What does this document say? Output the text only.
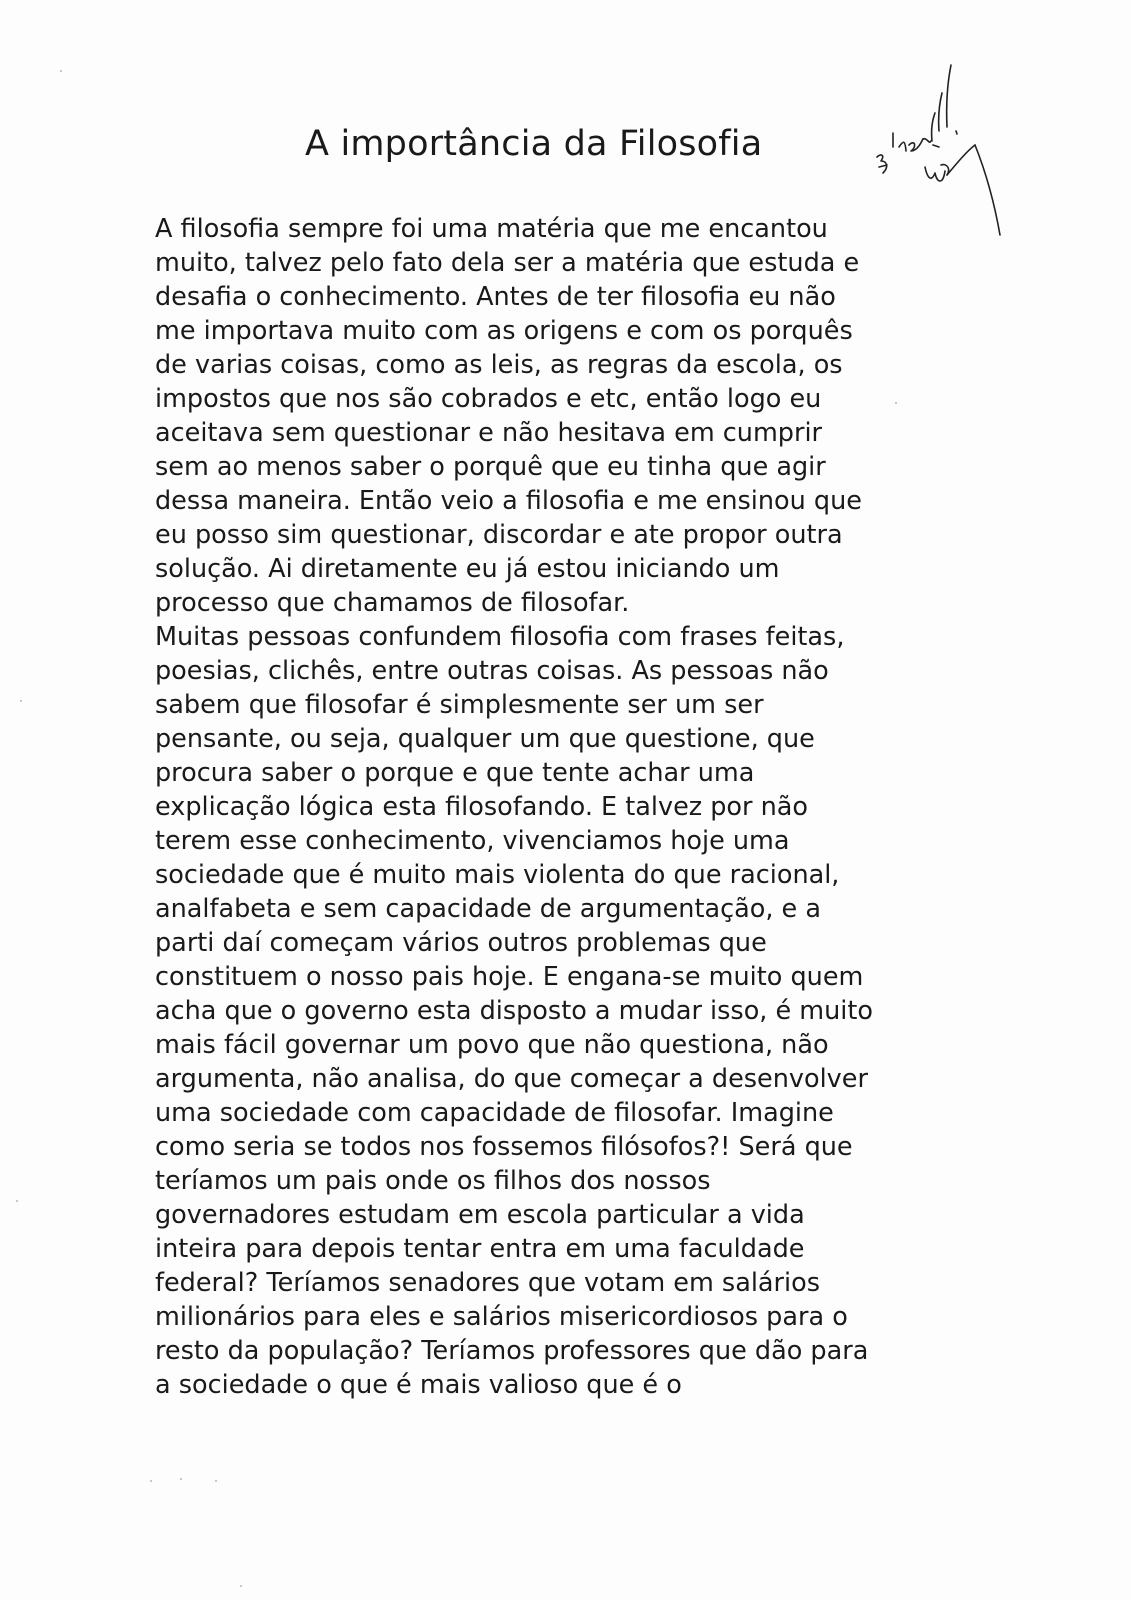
A importância da Filosofia
A filosofia sempre foi uma matéria que me encantou
muito, talvez pelo fato dela ser a matéria que estuda e
desafia o conhecimento. Antes de ter filosofia eu não
me importava muito com as origens e com os porquês
de varias coisas, como as leis, as regras da escola, os
impostos que nos são cobrados e etc, então logo eu
aceitava sem questionar e não hesitava em cumprir
sem ao menos saber o porquê que eu tinha que agir
dessa maneira. Então veio a filosofia e me ensinou que
eu posso sim questionar, discordar e ate propor outra
solução. Ai diretamente eu já estou iniciando um
processo que chamamos de filosofar.
Muitas pessoas confundem filosofia com frases feitas,
poesias, clichês, entre outras coisas. As pessoas não
sabem que filosofar é simplesmente ser um ser
pensante, ou seja, qualquer um que questione, que
procura saber o porque e que tente achar uma
explicação lógica esta filosofando. E talvez por não
terem esse conhecimento, vivenciamos hoje uma
sociedade que é muito mais violenta do que racional,
analfabeta e sem capacidade de argumentação, e a
parti daí começam vários outros problemas que
constituem o nosso pais hoje. E engana-se muito quem
acha que o governo esta disposto a mudar isso, é muito
mais fácil governar um povo que não questiona, não
argumenta, não analisa, do que começar a desenvolver
uma sociedade com capacidade de filosofar. Imagine
como seria se todos nos fossemos filósofos?! Será que
teríamos um pais onde os filhos dos nossos
governadores estudam em escola particular a vida
inteira para depois tentar entra em uma faculdade
federal? Teríamos senadores que votam em salários
milionários para eles e salários misericordiosos para o
resto da população? Teríamos professores que dão para
a sociedade o que é mais valioso que é o
